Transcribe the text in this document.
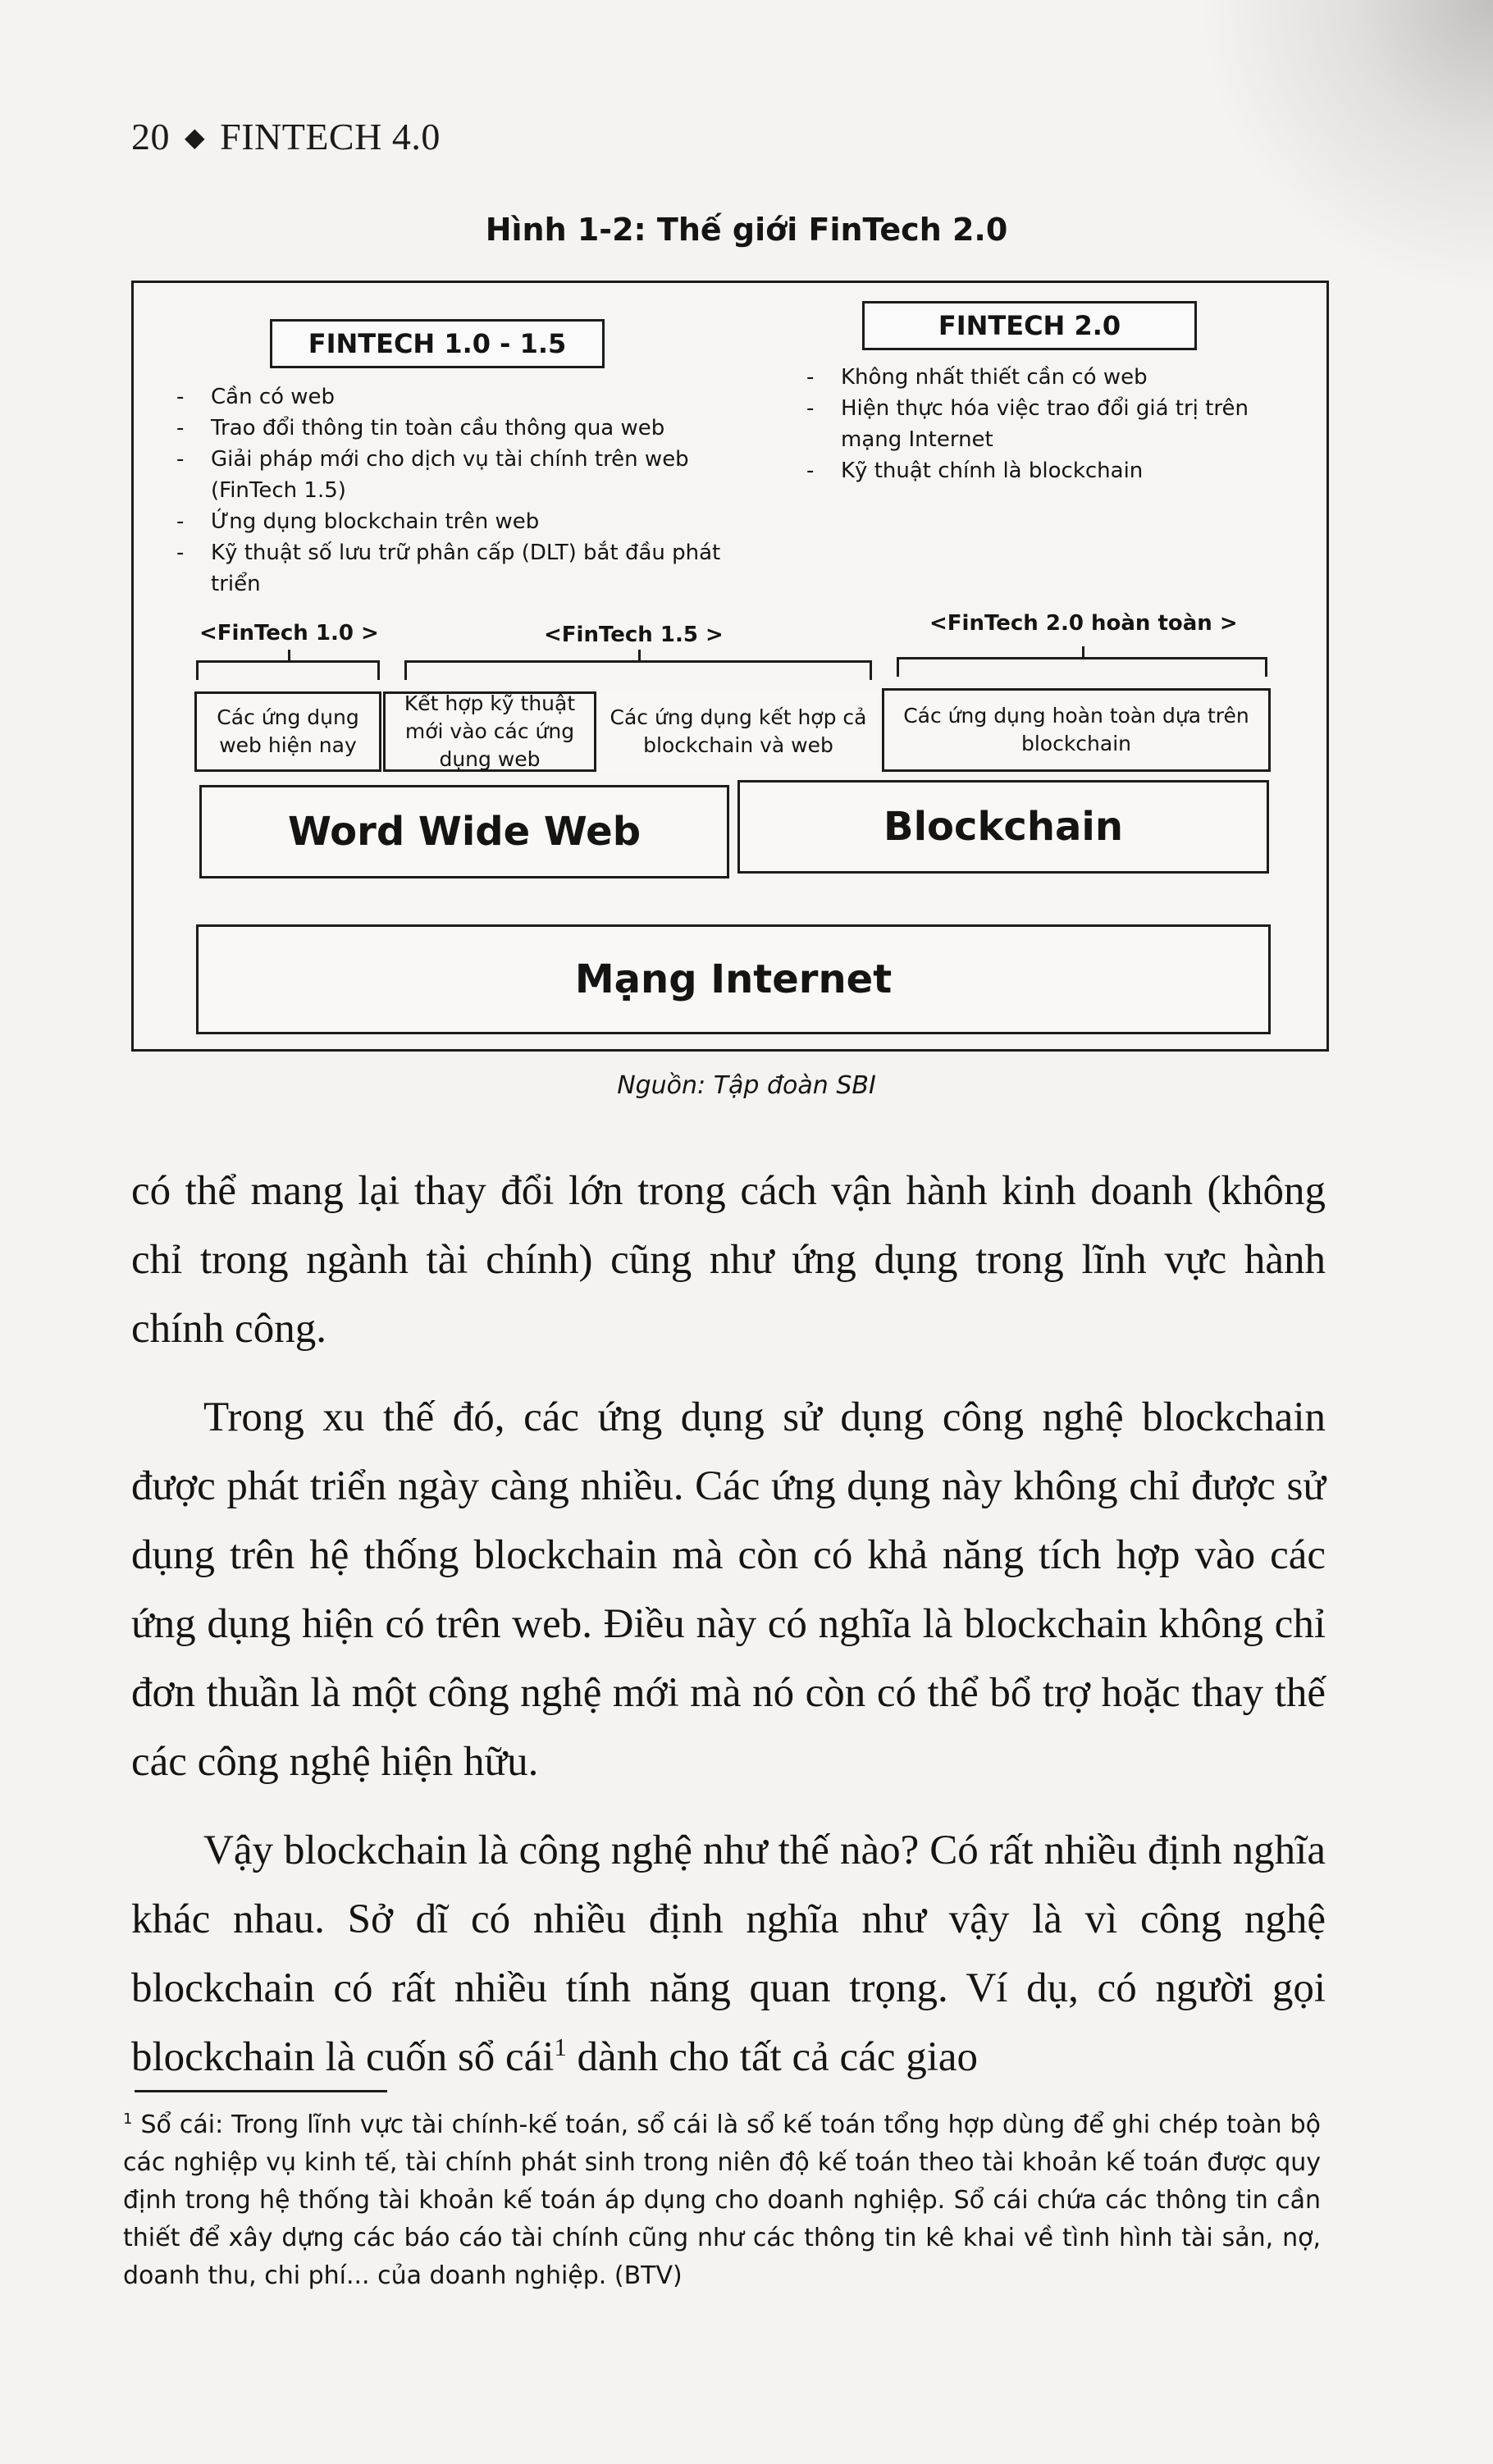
20 ◆ FINTECH 4.0
Hình 1-2: Thế giới FinTech 2.0
FINTECH 1.0 - 1.5
- Cần có web
- Trao đổi thông tin toàn cầu thông qua web
- Giải pháp mới cho dịch vụ tài chính trên web (FinTech 1.5)
- Ứng dụng blockchain trên web
- Kỹ thuật số lưu trữ phân cấp (DLT) bắt đầu phát triển
FINTECH 2.0
- Không nhất thiết cần có web
- Hiện thực hóa việc trao đổi giá trị trên mạng Internet
- Kỹ thuật chính là blockchain
<FinTech 1.0 >	<FinTech 1.5 >	<FinTech 2.0 hoàn toàn >
Các ứng dụng web hiện nay
Kết hợp kỹ thuật mới vào các ứng dụng web
Các ứng dụng kết hợp cả blockchain và web
Các ứng dụng hoàn toàn dựa trên blockchain
Word Wide Web	Blockchain
Mạng Internet
Nguồn: Tập đoàn SBI

có thể mang lại thay đổi lớn trong cách vận hành kinh doanh (không chỉ trong ngành tài chính) cũng như ứng dụng trong lĩnh vực hành chính công.

Trong xu thế đó, các ứng dụng sử dụng công nghệ blockchain được phát triển ngày càng nhiều. Các ứng dụng này không chỉ được sử dụng trên hệ thống blockchain mà còn có khả năng tích hợp vào các ứng dụng hiện có trên web. Điều này có nghĩa là blockchain không chỉ đơn thuần là một công nghệ mới mà nó còn có thể bổ trợ hoặc thay thế các công nghệ hiện hữu.

Vậy blockchain là công nghệ như thế nào? Có rất nhiều định nghĩa khác nhau. Sở dĩ có nhiều định nghĩa như vậy là vì công nghệ blockchain có rất nhiều tính năng quan trọng. Ví dụ, có người gọi blockchain là cuốn sổ cái$^1$ dành cho tất cả các giao

$^1$ Sổ cái: Trong lĩnh vực tài chính-kế toán, sổ cái là sổ kế toán tổng hợp dùng để ghi chép toàn bộ các nghiệp vụ kinh tế, tài chính phát sinh trong niên độ kế toán theo tài khoản kế toán được quy định trong hệ thống tài khoản kế toán áp dụng cho doanh nghiệp. Sổ cái chứa các thông tin cần thiết để xây dựng các báo cáo tài chính cũng như các thông tin kê khai về tình hình tài sản, nợ, doanh thu, chi phí... của doanh nghiệp. (BTV)
